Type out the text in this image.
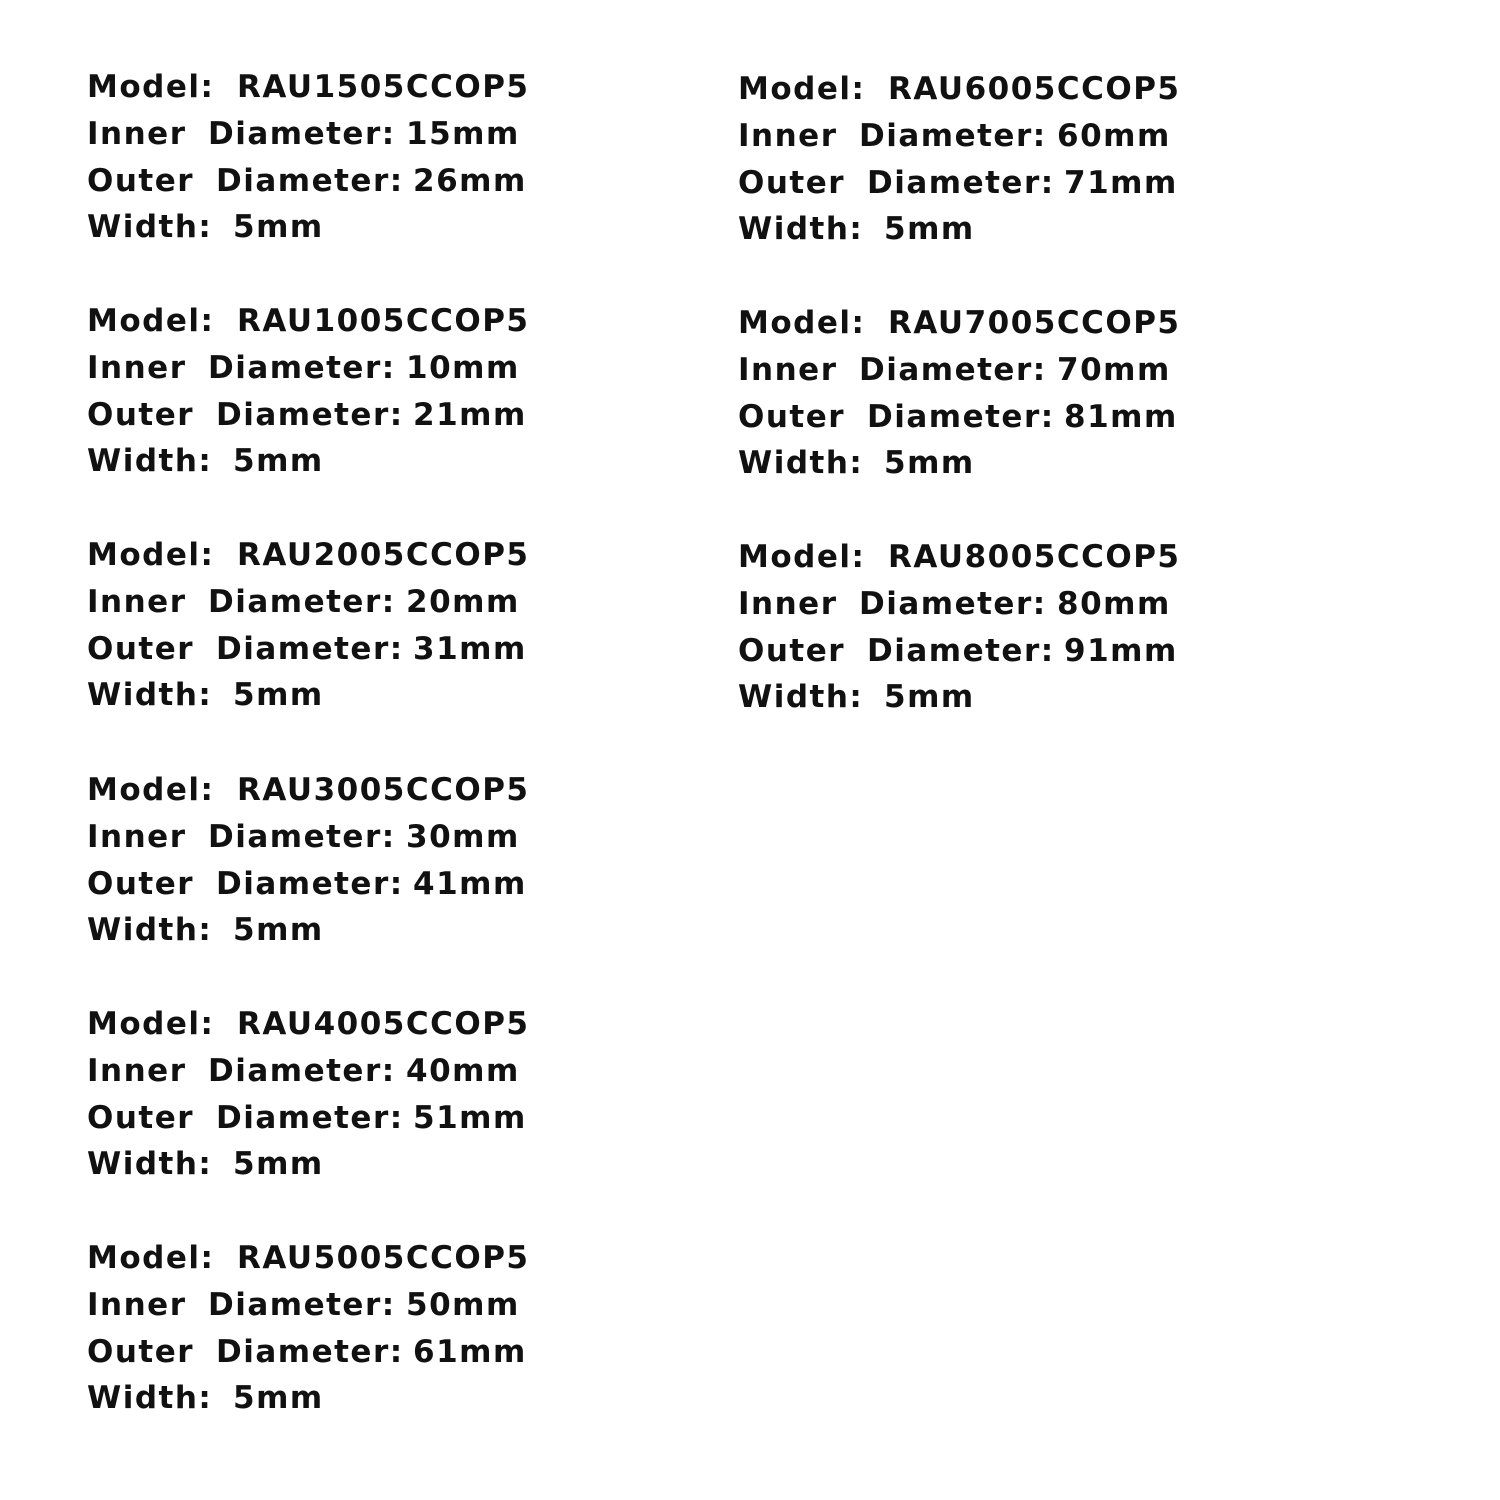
Model: RAU1505CCOP5
Inner Diameter: 15mm
Outer Diameter: 26mm
Width: 5mm
Model: RAU1005CCOP5
Inner Diameter: 10mm
Outer Diameter: 21mm
Width: 5mm
Model: RAU2005CCOP5
Inner Diameter: 20mm
Outer Diameter: 31mm
Width: 5mm
Model: RAU3005CCOP5
Inner Diameter: 30mm
Outer Diameter: 41mm
Width: 5mm
Model: RAU4005CCOP5
Inner Diameter: 40mm
Outer Diameter: 51mm
Width: 5mm
Model: RAU5005CCOP5
Inner Diameter: 50mm
Outer Diameter: 61mm
Width: 5mm
Model: RAU6005CCOP5
Inner Diameter: 60mm
Outer Diameter: 71mm
Width: 5mm
Model: RAU7005CCOP5
Inner Diameter: 70mm
Outer Diameter: 81mm
Width: 5mm
Model: RAU8005CCOP5
Inner Diameter: 80mm
Outer Diameter: 91mm
Width: 5mm
